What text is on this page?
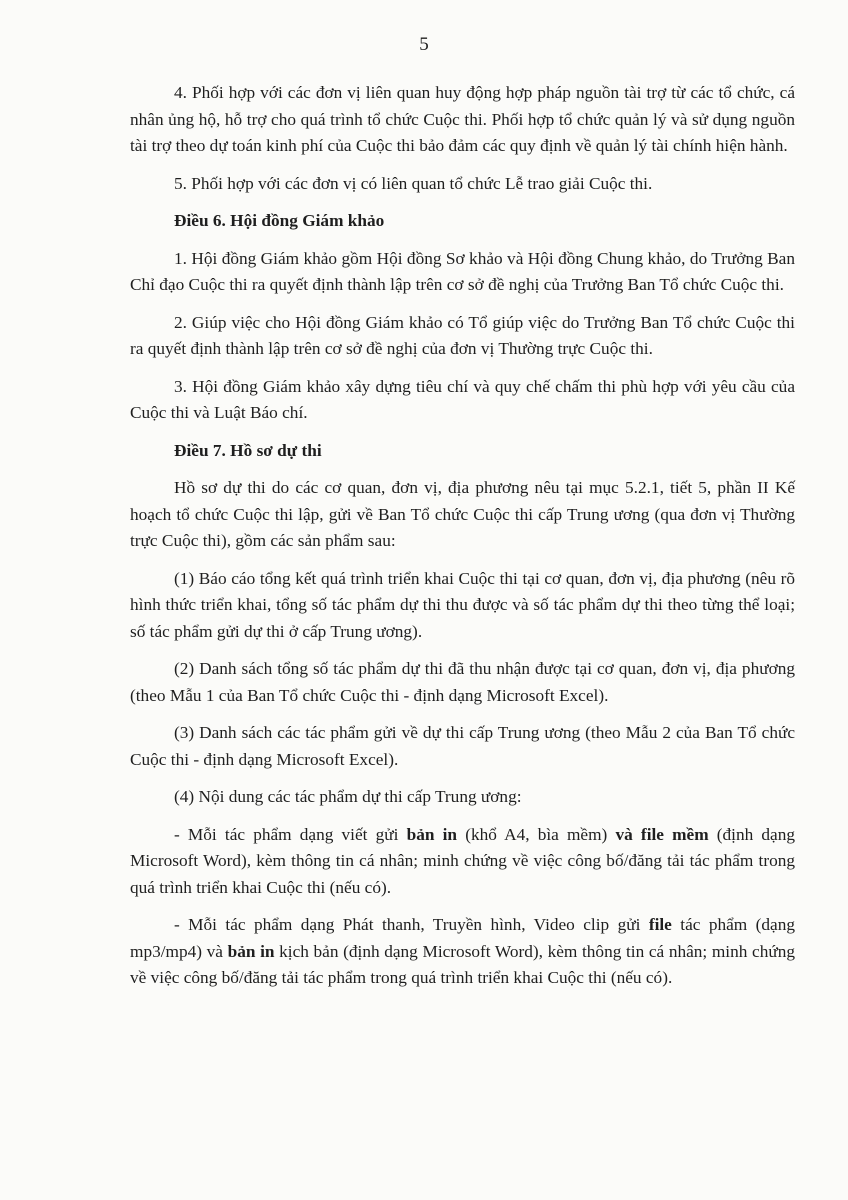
5

4. Phối hợp với các đơn vị liên quan huy động hợp pháp nguồn tài trợ từ các tổ chức, cá nhân ủng hộ, hỗ trợ cho quá trình tổ chức Cuộc thi. Phối hợp tổ chức quản lý và sử dụng nguồn tài trợ theo dự toán kinh phí của Cuộc thi bảo đảm các quy định về quản lý tài chính hiện hành.

5. Phối hợp với các đơn vị có liên quan tổ chức Lễ trao giải Cuộc thi.

Điều 6. Hội đồng Giám khảo

1. Hội đồng Giám khảo gồm Hội đồng Sơ khảo và Hội đồng Chung khảo, do Trưởng Ban Chỉ đạo Cuộc thi ra quyết định thành lập trên cơ sở đề nghị của Trưởng Ban Tổ chức Cuộc thi.

2. Giúp việc cho Hội đồng Giám khảo có Tổ giúp việc do Trưởng Ban Tổ chức Cuộc thi ra quyết định thành lập trên cơ sở đề nghị của đơn vị Thường trực Cuộc thi.

3. Hội đồng Giám khảo xây dựng tiêu chí và quy chế chấm thi phù hợp với yêu cầu của Cuộc thi và Luật Báo chí.

Điều 7. Hồ sơ dự thi

Hồ sơ dự thi do các cơ quan, đơn vị, địa phương nêu tại mục 5.2.1, tiết 5, phần II Kế hoạch tổ chức Cuộc thi lập, gửi về Ban Tổ chức Cuộc thi cấp Trung ương (qua đơn vị Thường trực Cuộc thi), gồm các sản phẩm sau:

(1) Báo cáo tổng kết quá trình triển khai Cuộc thi tại cơ quan, đơn vị, địa phương (nêu rõ hình thức triển khai, tổng số tác phẩm dự thi thu được và số tác phẩm dự thi theo từng thể loại; số tác phẩm gửi dự thi ở cấp Trung ương).

(2) Danh sách tổng số tác phẩm dự thi đã thu nhận được tại cơ quan, đơn vị, địa phương (theo Mẫu 1 của Ban Tổ chức Cuộc thi - định dạng Microsoft Excel).

(3) Danh sách các tác phẩm gửi về dự thi cấp Trung ương (theo Mẫu 2 của Ban Tổ chức Cuộc thi - định dạng Microsoft Excel).

(4) Nội dung các tác phẩm dự thi cấp Trung ương:

- Mỗi tác phẩm dạng viết gửi bản in (khổ A4, bìa mềm) và file mềm (định dạng Microsoft Word), kèm thông tin cá nhân; minh chứng về việc công bố/đăng tải tác phẩm trong quá trình triển khai Cuộc thi (nếu có).

- Mỗi tác phẩm dạng Phát thanh, Truyền hình, Video clip gửi file tác phẩm (dạng mp3/mp4) và bản in kịch bản (định dạng Microsoft Word), kèm thông tin cá nhân; minh chứng về việc công bố/đăng tải tác phẩm trong quá trình triển khai Cuộc thi (nếu có).
